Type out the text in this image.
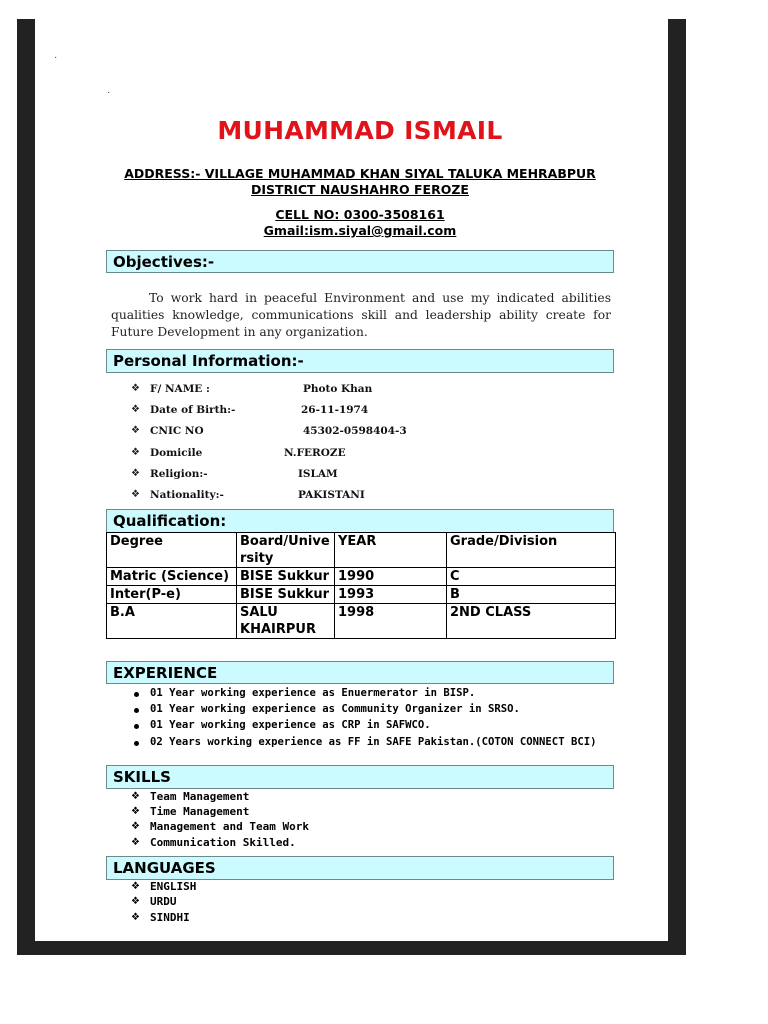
·
·
MUHAMMAD ISMAIL
ADDRESS:- VILLAGE MUHAMMAD KHAN SIYAL TALUKA MEHRABPUR
DISTRICT NAUSHAHRO FEROZE
CELL NO: 0300-3508161
Gmail:ism.siyal@gmail.com
Objectives:-
To work hard in peaceful Environment and use my indicated abilities qualities knowledge, communications skill and leadership ability create for Future Development in any organization.
Personal Information:-
❖ F/ NAME :	Photo Khan
❖ Date of Birth:-	26-11-1974
❖ CNIC NO	45302-0598404-3
❖ Domicile	N.FEROZE
❖ Religion:-	ISLAM
❖ Nationality:-	PAKISTANI
Qualification:
Degree	Board/Unive rsity	YEAR	Grade/Division
Matric (Science)	BISE Sukkur	1990	C
Inter(P-e)	BISE Sukkur	1993	B
B.A	SALU KHAIRPUR	1998	2ND CLASS
EXPERIENCE
01 Year working experience as Enuermerator in BISP.
01 Year working experience as Community Organizer in SRSO.
01 Year working experience as CRP in SAFWCO.
02 Years working experience as FF in SAFE Pakistan.(COTON CONNECT BCI)
SKILLS
❖ Team Management
❖ Time Management
❖ Management and Team Work
❖ Communication Skilled.
LANGUAGES
❖ ENGLISH
❖ URDU
❖ SINDHI
